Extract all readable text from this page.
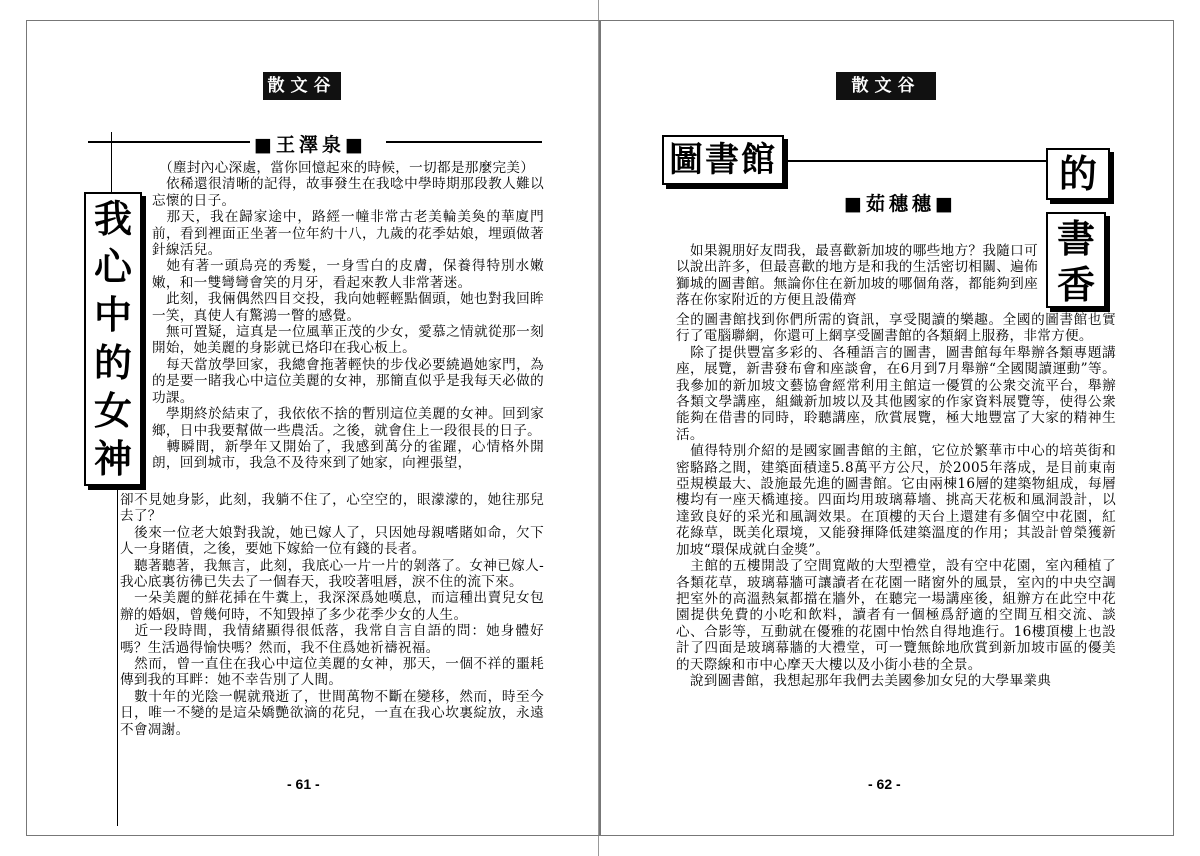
散文谷
■王澤泉■
我
心
中
的
女
神
　（塵封內心深處，當你回憶起來的時候，一切都是那麼完美）
　依稀還很清晰的記得，故事發生在我唸中學時期那段教人難以忘懷的日子。
　那天，我在歸家途中，路經一幢非常古老美輪美奐的華廈門前，看到裡面正坐著一位年約十八，九歲的花季姑娘，埋頭做著針線活兒。
　她有著一頭烏亮的秀髮，一身雪白的皮膚，保養得特別水嫩嫩，和一雙彎彎會笑的月牙，看起來教人非常著迷。
　此刻，我倆偶然四目交投，我向她輕輕點個頭，她也對我回眸一笑，真使人有驚鴻一瞥的感覺。
　無可置疑，這真是一位風華正茂的少女，愛慕之情就從那一刻開始，她美麗的身影就已烙印在我心板上。
　每天當放學回家，我總會拖著輕快的步伐必要繞過她家門，為的是要一睹我心中這位美麗的女神，那簡直似乎是我每天必做的功課。
　學期終於結束了，我依依不捨的暫別這位美麗的女神。回到家鄉，日中我要幫做一些農活。之後，就會住上一段很長的日子。
　轉瞬間，新學年又開始了，我感到萬分的雀躍，心情格外開朗，回到城市，我急不及待來到了她家，向裡張望，
卻不見她身影，此刻，我躺不住了，心空空的，眼濛濛的，她往那兒去了？
　後來一位老大娘對我說，她已嫁人了，只因她母親嗜賭如命，欠下人一身賭債，之後，要她下嫁給一位有錢的長者。
　聽著聽著，我無言，此刻，我底心一片一片的剝落了。女神已嫁人-我心底裏彷彿已失去了一個春天，我咬著咀唇，淚不住的流下來。
　一朵美麗的鮮花揷在牛糞上，我深深爲她嘆息，而這種出賣兒女包辦的婚姻，曾幾何時，不知毀掉了多少花季少女的人生。
　近一段時間，我情緒顯得很低落，我常自言自語的問：她身體好嗎？生活過得愉快嗎？然而，我不住爲她祈禱祝福。
　然而，曾一直住在我心中這位美麗的女神，那天，一個不祥的噩耗傳到我的耳畔：她不幸告別了人間。
　數十年的光陰一幌就飛逝了，世間萬物不斷在變移，然而，時至今日，唯一不變的是這朵嬌艷欲滴的花兒，一直在我心坎裏綻放，永遠不會凋謝。
- 61 -
散文谷
圖書館	的
書香
■茹穗穗■
　如果親朋好友問我，最喜歡新加坡的哪些地方？我隨口可以說出許多，但最喜歡的地方是和我的生活密切相關、遍佈獅城的圖書館。無論你住在新加坡的哪個角落，都能夠到座落在你家附近的方便且設備齊
全的圖書館找到你們所需的資訊，享受閱讀的樂趣。全國的圖書館也實行了電腦聯網，你還可上網享受圖書館的各類網上服務，非常方便。
　除了提供豐富多彩的、各種語言的圖書，圖書館每年舉辦各類專題講座，展覽，新書發布會和座談會，在6月到7月舉辦“全國閱讀運動”等。我參加的新加坡文藝協會經常利用主館這一優質的公衆交流平台，舉辦各類文學講座，組織新加坡以及其他國家的作家資料展覽等，使得公衆能夠在借書的同時，聆聽講座，欣賞展覽，極大地豐富了大家的精神生活。
　値得特別介紹的是國家圖書館的主館，它位於繁華市中心的培英街和密駱路之間，建築面積達5.8萬平方公尺，於2005年落成，是目前東南亞規模最大、設施最先進的圖書館。它由兩棟16層的建築物組成，每層樓均有一座天橋連接。四面均用玻璃幕墻、挑高天花板和風洞設計，以達致良好的采光和風調效果。在頂樓的天台上還建有多個空中花園，紅花綠草，既美化環境，又能發揮降低建築溫度的作用；其設計曾榮獲新加坡“環保成就白金獎”。
　主館的五樓開設了空間寬敞的大型禮堂，設有空中花園，室內種植了各類花草，玻璃幕牆可讓讀者在花園一睹窗外的風景，室內的中央空調把室外的高溫熱氣都擋在牆外，在聽完一場講座後，組辦方在此空中花園提供免費的小吃和飲料，讀者有一個極爲舒適的空間互相交流、談心、合影等，互動就在優雅的花園中怡然自得地進行。16樓頂樓上也設計了四面是玻璃幕牆的大禮堂，可一覽無餘地欣賞到新加坡市區的優美的天際線和市中心摩天大樓以及小街小巷的全景。
　說到圖書館，我想起那年我們去美國參加女兒的大學畢業典
- 62 -
